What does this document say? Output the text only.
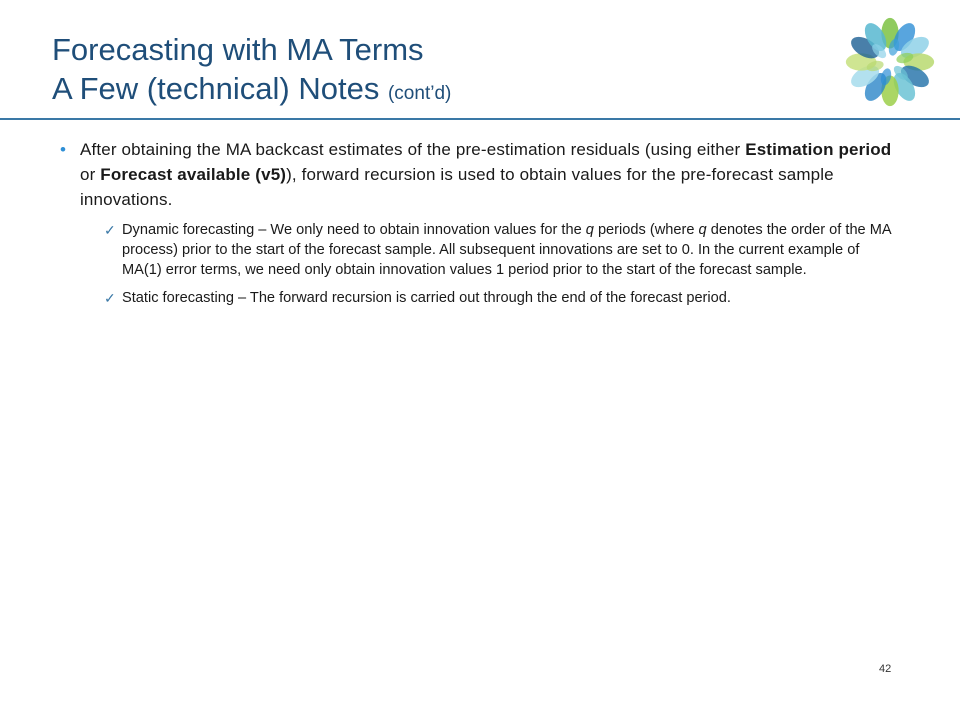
Forecasting with MA Terms
A Few (technical) Notes (cont’d)
• After obtaining the MA backcast estimates of the pre-estimation residuals (using either Estimation period or Forecast available (v5)), forward recursion is used to obtain values for the pre-forecast sample innovations.
✓ Dynamic forecasting – We only need to obtain innovation values for the q periods (where q denotes the order of the MA process) prior to the start of the forecast sample. All subsequent innovations are set to 0. In the current example of MA(1) error terms, we need only obtain innovation values 1 period prior to the start of the forecast sample.
✓ Static forecasting – The forward recursion is carried out through the end of the forecast period.
42
